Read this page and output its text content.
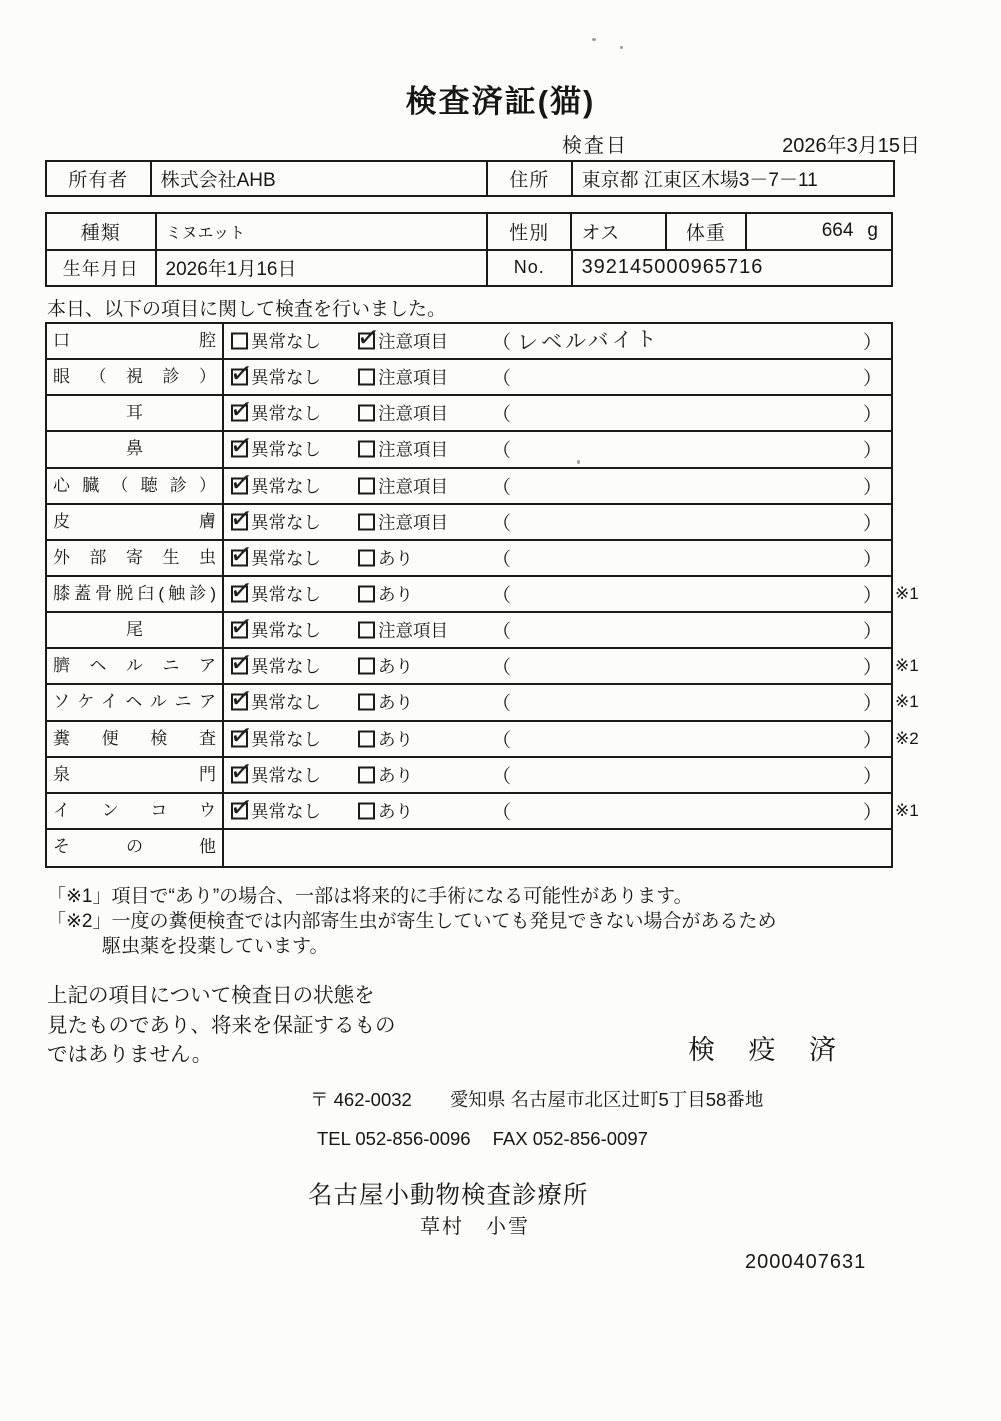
検査済証(猫)
検査日	2026年3月15日
所有者	株式会社AHB	住所	東京都 江東区木場3－7－11
種類	ミヌエット	性別	オス	体重	664 g
生年月日	2026年1月16日	No.	392145000965716
本日、以下の項目に関して検査を行いました。
口腔	異常なし ✓	注意項目 （ レベルバイト	）
眼（視診） ✓	異常なし	注意項目 （	）
耳 ✓	異常なし	注意項目 （	）
鼻 ✓	異常なし	注意項目 （	）
心臓（聴診） ✓	異常なし	注意項目 （	）
皮膚 ✓	異常なし	注意項目 （	）
外部寄生虫 ✓	異常なし	あり	（	）
膝蓋骨脱臼(触診) ✓	異常なし	あり	（	） ※1
尾 ✓	異常なし	注意項目 （	）
臍ヘルニア ✓	異常なし	あり	（	） ※1
ソケイヘルニア ✓	異常なし	あり	（	） ※1
糞便検査 ✓	異常なし	あり	（	） ※2
泉門 ✓	異常なし	あり	（	）
インコウ ✓	異常なし	あり	（	） ※1
その他
「※1」項目で“あり”の場合、一部は将来的に手術になる可能性があります。
「※2」一度の糞便検査では内部寄生虫が寄生していても発見できない場合があるため
駆虫薬を投薬しています。
上記の項目について検査日の状態を
見たものであり、将来を保証するもの
ではありません。	検 疫 済
〒 462-0032 愛知県 名古屋市北区辻町5丁目58番地
TEL 052-856-0096 FAX 052-856-0097
名古屋小動物検査診療所
草村　小雪
2000407631
